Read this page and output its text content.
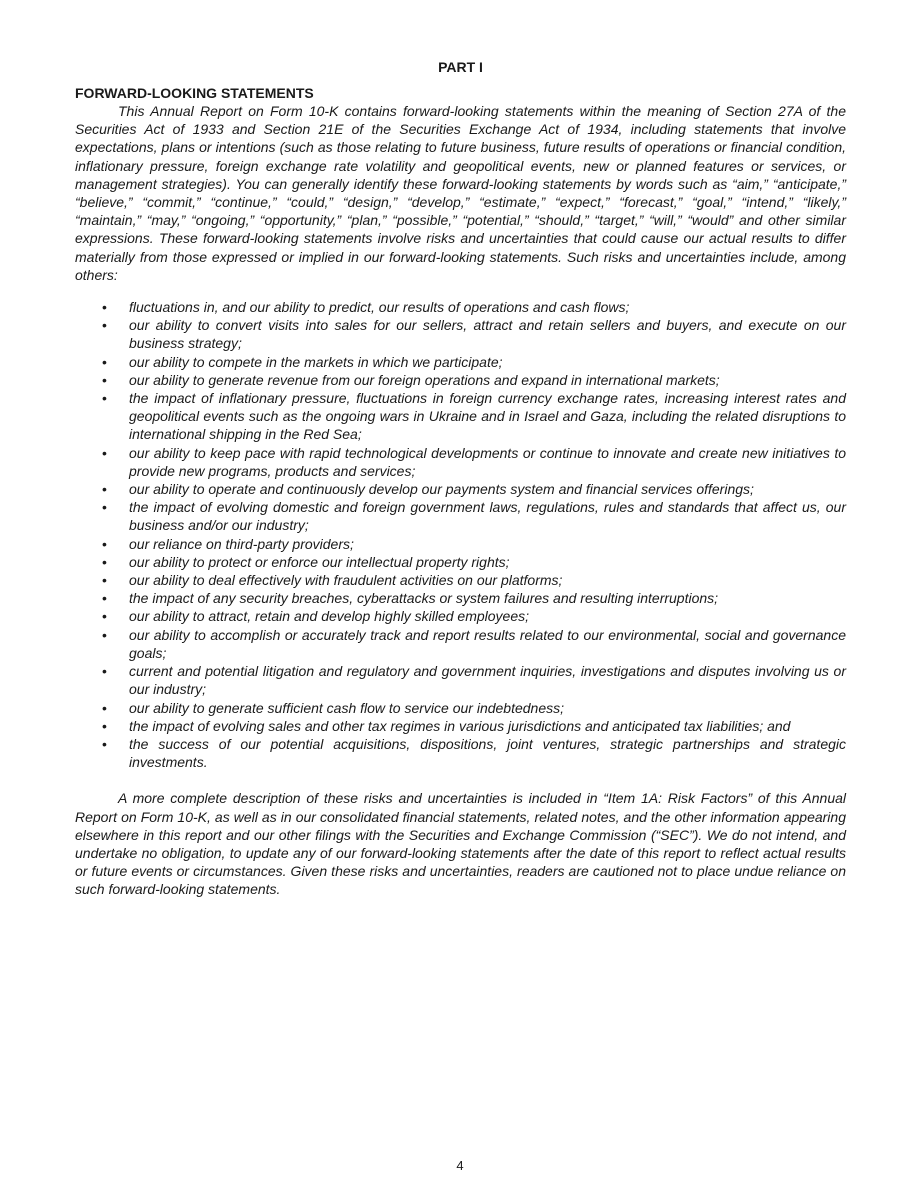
PART I
FORWARD-LOOKING STATEMENTS

This Annual Report on Form 10-K contains forward-looking statements within the meaning of Section 27A of the Securities Act of 1933 and Section 21E of the Securities Exchange Act of 1934, including statements that involve expectations, plans or intentions (such as those relating to future business, future results of operations or financial condition, inflationary pressure, foreign exchange rate volatility and geopolitical events, new or planned features or services, or management strategies). You can generally identify these forward-looking statements by words such as “aim,” “anticipate,” “believe,” “commit,” “continue,” “could,” “design,” “develop,” “estimate,” “expect,” “forecast,” “goal,” “intend,” “likely,” “maintain,” “may,” “ongoing,” “opportunity,” “plan,” “possible,” “potential,” “should,” “target,” “will,” “would” and other similar expressions. These forward-looking statements involve risks and uncertainties that could cause our actual results to differ materially from those expressed or implied in our forward-looking statements. Such risks and uncertainties include, among others:

• fluctuations in, and our ability to predict, our results of operations and cash flows;
• our ability to convert visits into sales for our sellers, attract and retain sellers and buyers, and execute on our business strategy;
• our ability to compete in the markets in which we participate;
• our ability to generate revenue from our foreign operations and expand in international markets;
• the impact of inflationary pressure, fluctuations in foreign currency exchange rates, increasing interest rates and geopolitical events such as the ongoing wars in Ukraine and in Israel and Gaza, including the related disruptions to international shipping in the Red Sea;
• our ability to keep pace with rapid technological developments or continue to innovate and create new initiatives to provide new programs, products and services;
• our ability to operate and continuously develop our payments system and financial services offerings;
• the impact of evolving domestic and foreign government laws, regulations, rules and standards that affect us, our business and/or our industry;
• our reliance on third-party providers;
• our ability to protect or enforce our intellectual property rights;
• our ability to deal effectively with fraudulent activities on our platforms;
• the impact of any security breaches, cyberattacks or system failures and resulting interruptions;
• our ability to attract, retain and develop highly skilled employees;
• our ability to accomplish or accurately track and report results related to our environmental, social and governance goals;
• current and potential litigation and regulatory and government inquiries, investigations and disputes involving us or our industry;
• our ability to generate sufficient cash flow to service our indebtedness;
• the impact of evolving sales and other tax regimes in various jurisdictions and anticipated tax liabilities; and
• the success of our potential acquisitions, dispositions, joint ventures, strategic partnerships and strategic investments.

A more complete description of these risks and uncertainties is included in “Item 1A: Risk Factors” of this Annual Report on Form 10-K, as well as in our consolidated financial statements, related notes, and the other information appearing elsewhere in this report and our other filings with the Securities and Exchange Commission (“SEC”). We do not intend, and undertake no obligation, to update any of our forward-looking statements after the date of this report to reflect actual results or future events or circumstances. Given these risks and uncertainties, readers are cautioned not to place undue reliance on such forward-looking statements.

4
